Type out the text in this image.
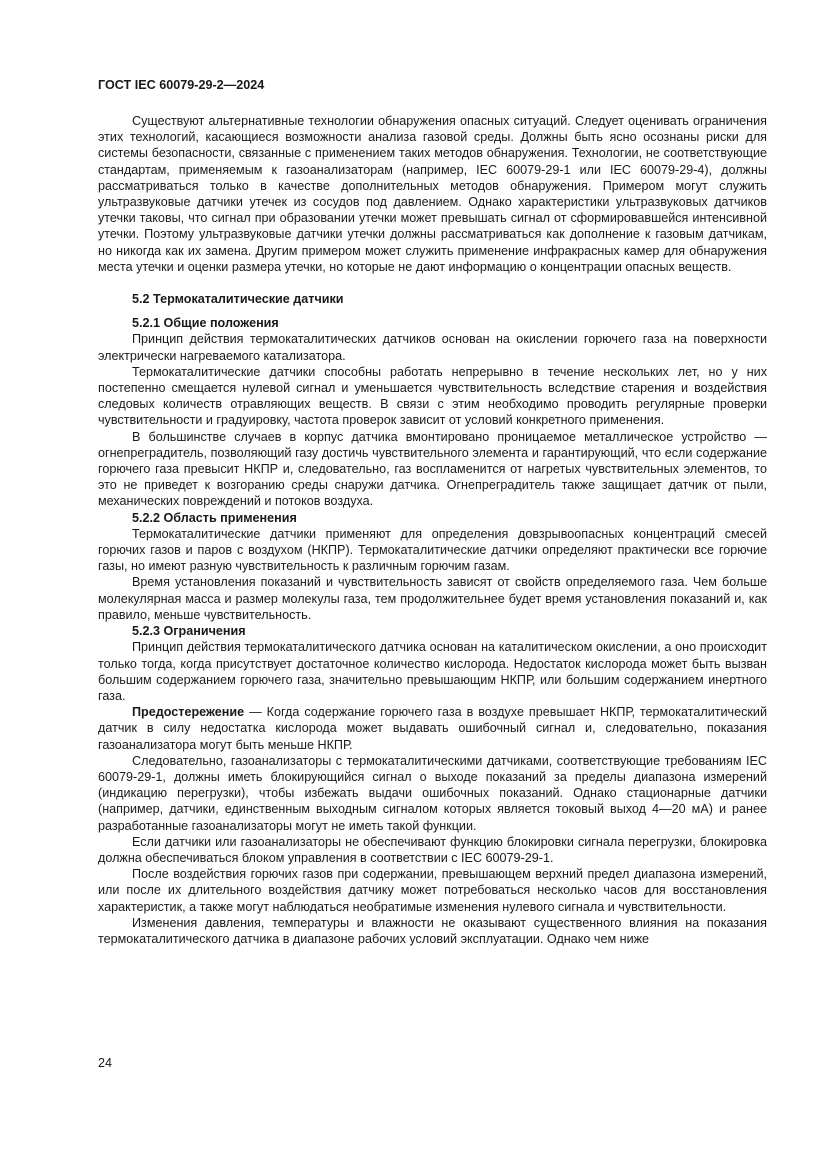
ГОСТ IEC 60079-29-2—2024

Существуют альтернативные технологии обнаружения опасных ситуаций. Следует оценивать ограничения этих технологий, касающиеся возможности анализа газовой среды. Должны быть ясно осознаны риски для системы безопасности, связанные с применением таких методов обнаружения. Технологии, не соответствующие стандартам, применяемым к газоанализаторам (например, IEC 60079-29-1 или IEC 60079-29-4), должны рассматриваться только в качестве дополнительных методов обнаружения. Примером могут служить ультразвуковые датчики утечек из сосудов под давлением. Однако характеристики ультразвуковых датчиков утечки таковы, что сигнал при образовании утечки может превышать сигнал от сформировавшейся интенсивной утечки. Поэтому ультразвуковые датчики утечки должны рассматриваться как дополнение к газовым датчикам, но никогда как их замена. Другим примером может служить применение инфракрасных камер для обнаружения места утечки и оценки размера утечки, но которые не дают информацию о концентрации опасных веществ.

5.2 Термокаталитические датчики
5.2.1 Общие положения

Принцип действия термокаталитических датчиков основан на окислении горючего газа на поверхности электрически нагреваемого катализатора.

Термокаталитические датчики способны работать непрерывно в течение нескольких лет, но у них постепенно смещается нулевой сигнал и уменьшается чувствительность вследствие старения и воздействия следовых количеств отравляющих веществ. В связи с этим необходимо проводить регулярные проверки чувствительности и градуировку, частота проверок зависит от условий конкретного применения.

В большинстве случаев в корпус датчика вмонтировано проницаемое металлическое устройство — огнепреградитель, позволяющий газу достичь чувствительного элемента и гарантирующий, что если содержание горючего газа превысит НКПР и, следовательно, газ воспламенится от нагретых чувствительных элементов, то это не приведет к возгоранию среды снаружи датчика. Огнепреградитель также защищает датчик от пыли, механических повреждений и потоков воздуха.

5.2.2 Область применения

Термокаталитические датчики применяют для определения довзрывоопасных концентраций смесей горючих газов и паров с воздухом (НКПР). Термокаталитические датчики определяют практически все горючие газы, но имеют разную чувствительность к различным горючим газам.

Время установления показаний и чувствительность зависят от свойств определяемого газа. Чем больше молекулярная масса и размер молекулы газа, тем продолжительнее будет время установления показаний и, как правило, меньше чувствительность.

5.2.3 Ограничения

Принцип действия термокаталитического датчика основан на каталитическом окислении, а оно происходит только тогда, когда присутствует достаточное количество кислорода. Недостаток кислорода может быть вызван большим содержанием горючего газа, значительно превышающим НКПР, или большим содержанием инертного газа.

Предостережение — Когда содержание горючего газа в воздухе превышает НКПР, термокаталитический датчик в силу недостатка кислорода может выдавать ошибочный сигнал и, следовательно, показания газоанализатора могут быть меньше НКПР.

Следовательно, газоанализаторы с термокаталитическими датчиками, соответствующие требованиям IEC 60079-29-1, должны иметь блокирующийся сигнал о выходе показаний за пределы диапазона измерений (индикацию перегрузки), чтобы избежать выдачи ошибочных показаний. Однако стационарные датчики (например, датчики, единственным выходным сигналом которых является токовый выход 4—20 мА) и ранее разработанные газоанализаторы могут не иметь такой функции.

Если датчики или газоанализаторы не обеспечивают функцию блокировки сигнала перегрузки, блокировка должна обеспечиваться блоком управления в соответствии с IEC 60079-29-1.

После воздействия горючих газов при содержании, превышающем верхний предел диапазона измерений, или после их длительного воздействия датчику может потребоваться несколько часов для восстановления характеристик, а также могут наблюдаться необратимые изменения нулевого сигнала и чувствительности.

Изменения давления, температуры и влажности не оказывают существенного влияния на показания термокаталитического датчика в диапазоне рабочих условий эксплуатации. Однако чем ниже

24
